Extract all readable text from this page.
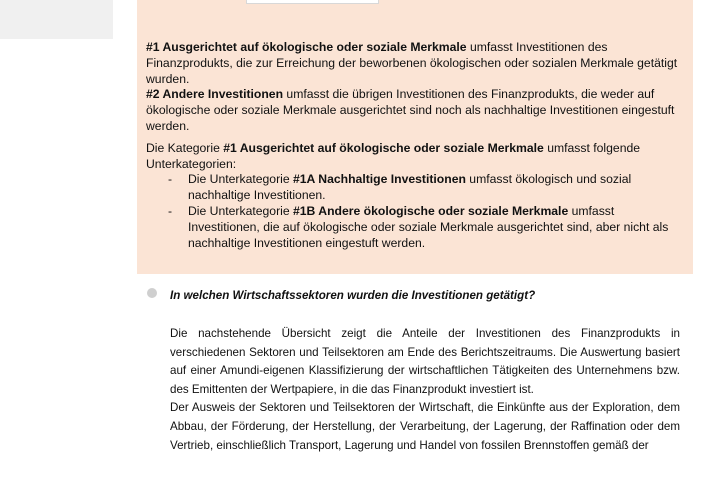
#1 Ausgerichtet auf ökologische oder soziale Merkmale umfasst Investitionen des Finanzprodukts, die zur Erreichung der beworbenen ökologischen oder sozialen Merkmale getätigt wurden.

#2 Andere Investitionen umfasst die übrigen Investitionen des Finanzprodukts, die weder auf ökologische oder soziale Merkmale ausgerichtet sind noch als nachhaltige Investitionen eingestuft werden.

Die Kategorie #1 Ausgerichtet auf ökologische oder soziale Merkmale umfasst folgende Unterkategorien:

- Die Unterkategorie #1A Nachhaltige Investitionen umfasst ökologisch und sozial nachhaltige Investitionen.
- Die Unterkategorie #1B Andere ökologische oder soziale Merkmale umfasst Investitionen, die auf ökologische oder soziale Merkmale ausgerichtet sind, aber nicht als nachhaltige Investitionen eingestuft werden.
In welchen Wirtschaftssektoren wurden die Investitionen getätigt?

Die nachstehende Übersicht zeigt die Anteile der Investitionen des Finanzprodukts in verschiedenen Sektoren und Teilsektoren am Ende des Berichtszeitraums. Die Auswertung basiert auf einer Amundi-eigenen Klassifizierung der wirtschaftlichen Tätigkeiten des Unternehmens bzw. des Emittenten der Wertpapiere, in die das Finanzprodukt investiert ist.

Der Ausweis der Sektoren und Teilsektoren der Wirtschaft, die Einkünfte aus der Exploration, dem Abbau, der Förderung, der Herstellung, der Verarbeitung, der Lagerung, der Raffination oder dem Vertrieb, einschließlich Transport, Lagerung und Handel von fossilen Brennstoffen gemäß der
